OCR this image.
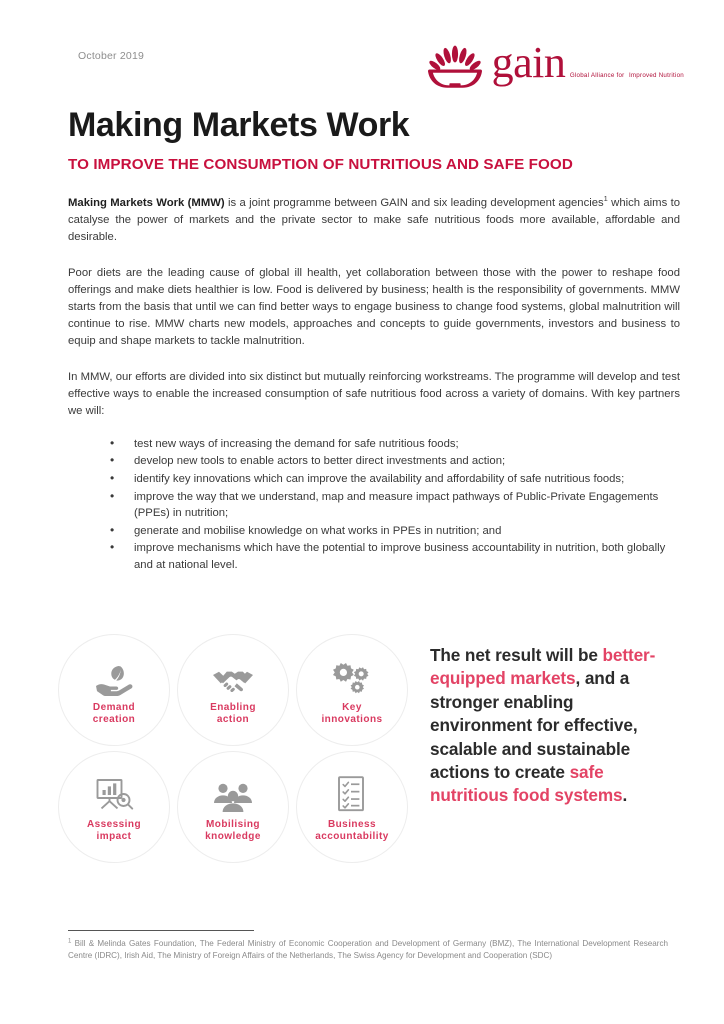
October 2019	gain Global Alliance for Improved Nutrition
Making Markets Work
TO IMPROVE THE CONSUMPTION OF NUTRITIOUS AND SAFE FOOD

Making Markets Work (MMW) is a joint programme between GAIN and six leading development agencies$^1$ which aims to catalyse the power of markets and the private sector to make safe nutritious foods more available, affordable and desirable.

Poor diets are the leading cause of global ill health, yet collaboration between those with the power to reshape food offerings and make diets healthier is low. Food is delivered by business; health is the responsibility of governments. MMW starts from the basis that until we can find better ways to engage business to change food systems, global malnutrition will continue to rise. MMW charts new models, approaches and concepts to guide governments, investors and business to equip and shape markets to tackle malnutrition.

In MMW, our efforts are divided into six distinct but mutually reinforcing workstreams. The programme will develop and test effective ways to enable the increased consumption of safe nutritious food across a variety of domains. With key partners we will:

• test new ways of increasing the demand for safe nutritious foods;
• develop new tools to enable actors to better direct investments and action;
• identify key innovations which can improve the availability and affordability of safe nutritious foods;
• improve the way that we understand, map and measure impact pathways of Public-Private Engagements (PPEs) in nutrition;
• generate and mobilise knowledge on what works in PPEs in nutrition; and
• improve mechanisms which have the potential to improve business accountability in nutrition, both globally and at national level.
Demand
creation
Enabling
action
Key
innovations
Assessing
impact
Mobilising
knowledge
Business
accountability
The net result will be better-equipped markets, and a stronger enabling environment for effective, scalable and sustainable actions to create safe nutritious food systems.
$^1$ Bill & Melinda Gates Foundation, The Federal Ministry of Economic Cooperation and Development of Germany (BMZ), The International Development Research Centre (IDRC), Irish Aid, The Ministry of Foreign Affairs of the Netherlands, The Swiss Agency for Development and Cooperation (SDC)
